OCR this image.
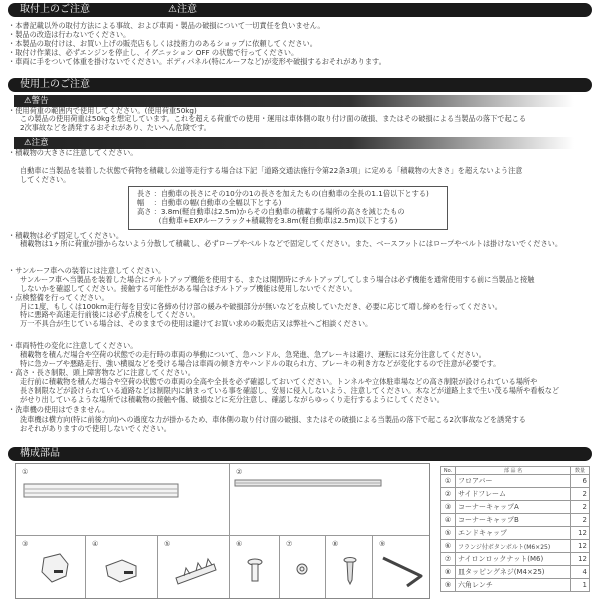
取付上のご注意	⚠注意
・本書記載以外の取付方法による事故、および車両・製品の破損について一切責任を負いません。
・製品の改造は行わないでください。
・本製品の取付けは、お買い上げの販売店もしくは技術力のあるショップに依頼してください。
・取付け作業は、必ずエンジンを停止し、イグニッション OFF の状態で行ってください。
・車両に手をついて体重を掛けないでください。ボディパネル(特にルーフなど)が変形や破損するおそれがあります。
使用上のご注意
⚠警告
・使用荷重の範囲内で使用してください。(使用荷重50kg)
この製品の使用荷重は50kgを想定しています。これを超える荷重での使用・運用は車体側の取り付け面の破損、またはその破損による当製品の落下で起こる
2次事故などを誘発するおそれがあり、たいへん危険です。
⚠注意
・積載物の大きさに注意してください。
自動車に当製品を装着した状態で荷物を積載し公道等走行する場合は下記「道路交通法施行令第22条3項」に定める「積載物の大きさ」を超えないよう注意
してください。
長さ ：自動車の長さにその10分の1の長さを加えたもの(自動車の全長の1.1倍以下とする)
幅　 ：自動車の幅(自動車の全幅以下とする)
高さ ：3.8m(軽自動車は2.5m)からその自動車の積載する場所の高さを減じたもの
　　　(自動車+EXPルーフラック+積載物を3.8m(軽自動車は2.5m)以下とする)
・積載物は必ず固定してください。
積載物は1ヶ所に荷重が掛からないよう分散して積載し、必ずロープやベルトなどで固定してください。また、ベースフットにはロープやベルトは掛けないでください。
・サンルーフ車への装着には注意してください。
サンルーフ車へ当製品を装着した場合にチルトアップ機能を使用する、または開閉時にチルトアップしてしまう場合は必ず機能を通常使用する前に当製品と接触
しないかを確認してください。接触する可能性がある場合はチルトアップ機能は使用しないでください。
・点検整備を行ってください。
月に1度、もしくは100km走行毎を目安に各締め付け部の緩みや破損部分が無いなどを点検していただき、必要に応じて増し締めを行ってください。
特に悪路や高速走行前後には必ず点検をしてください。
万一不具合が生じている場合は、そのままでの使用は避けてお買い求めの販売店又は弊社へご相談ください。
・車両特性の変化に注意してください。
積載物を積んだ場合や空荷の状態での走行時の車両の挙動について、急ハンドル、急発進、急ブレーキは避け、運転には充分注意してください。
特に急カーブや悪路走行、強い横風などを受ける場合は車両の傾き方やハンドルの取られ方、ブレーキの利き方などが変化するので注意が必要です。
・高さ・長さ制限、頭上障害物などに注意してください。
走行前に積載物を積んだ場合や空荷の状態での車両の全高や全長を必ず確認しておいてください。トンネルや立体駐車場などの高さ制限が設けられている場所や
長さ制限などが設けられている道路などは制限内に納まっている事を確認し、安易に侵入しないよう、注意してください。木などが道路上まで生い茂る場所や看板など
がせり出しているような場所では積載物の接触や傷、破損などに充分注意し、確認しながらゆっくり走行するようにしてください。
・洗車機の使用はできません。
洗車機は横方向(特に前後方向)への過度な力が掛かるため、車体側の取り付け面の破損、またはその破損による当製品の落下で起こる2次事故などを誘発する
おそれがありますので使用しないでください。
構成部品
①	②
③	④	⑤	⑥	⑦	⑧	⑨
No.	部 品 名	数量
①	フロアバー	6
②	サイドフレーム	2
③	コーナーキャップA	2
④	コーナーキャップB	2
⑤	エンドキャップ	12
⑥	フランジ付ボタンボルト(M6×25)	12
⑦	ナイロンロックナット(M6)	12
⑧	皿タッピングネジ(M4×25)	4
⑨	六角レンチ	1
